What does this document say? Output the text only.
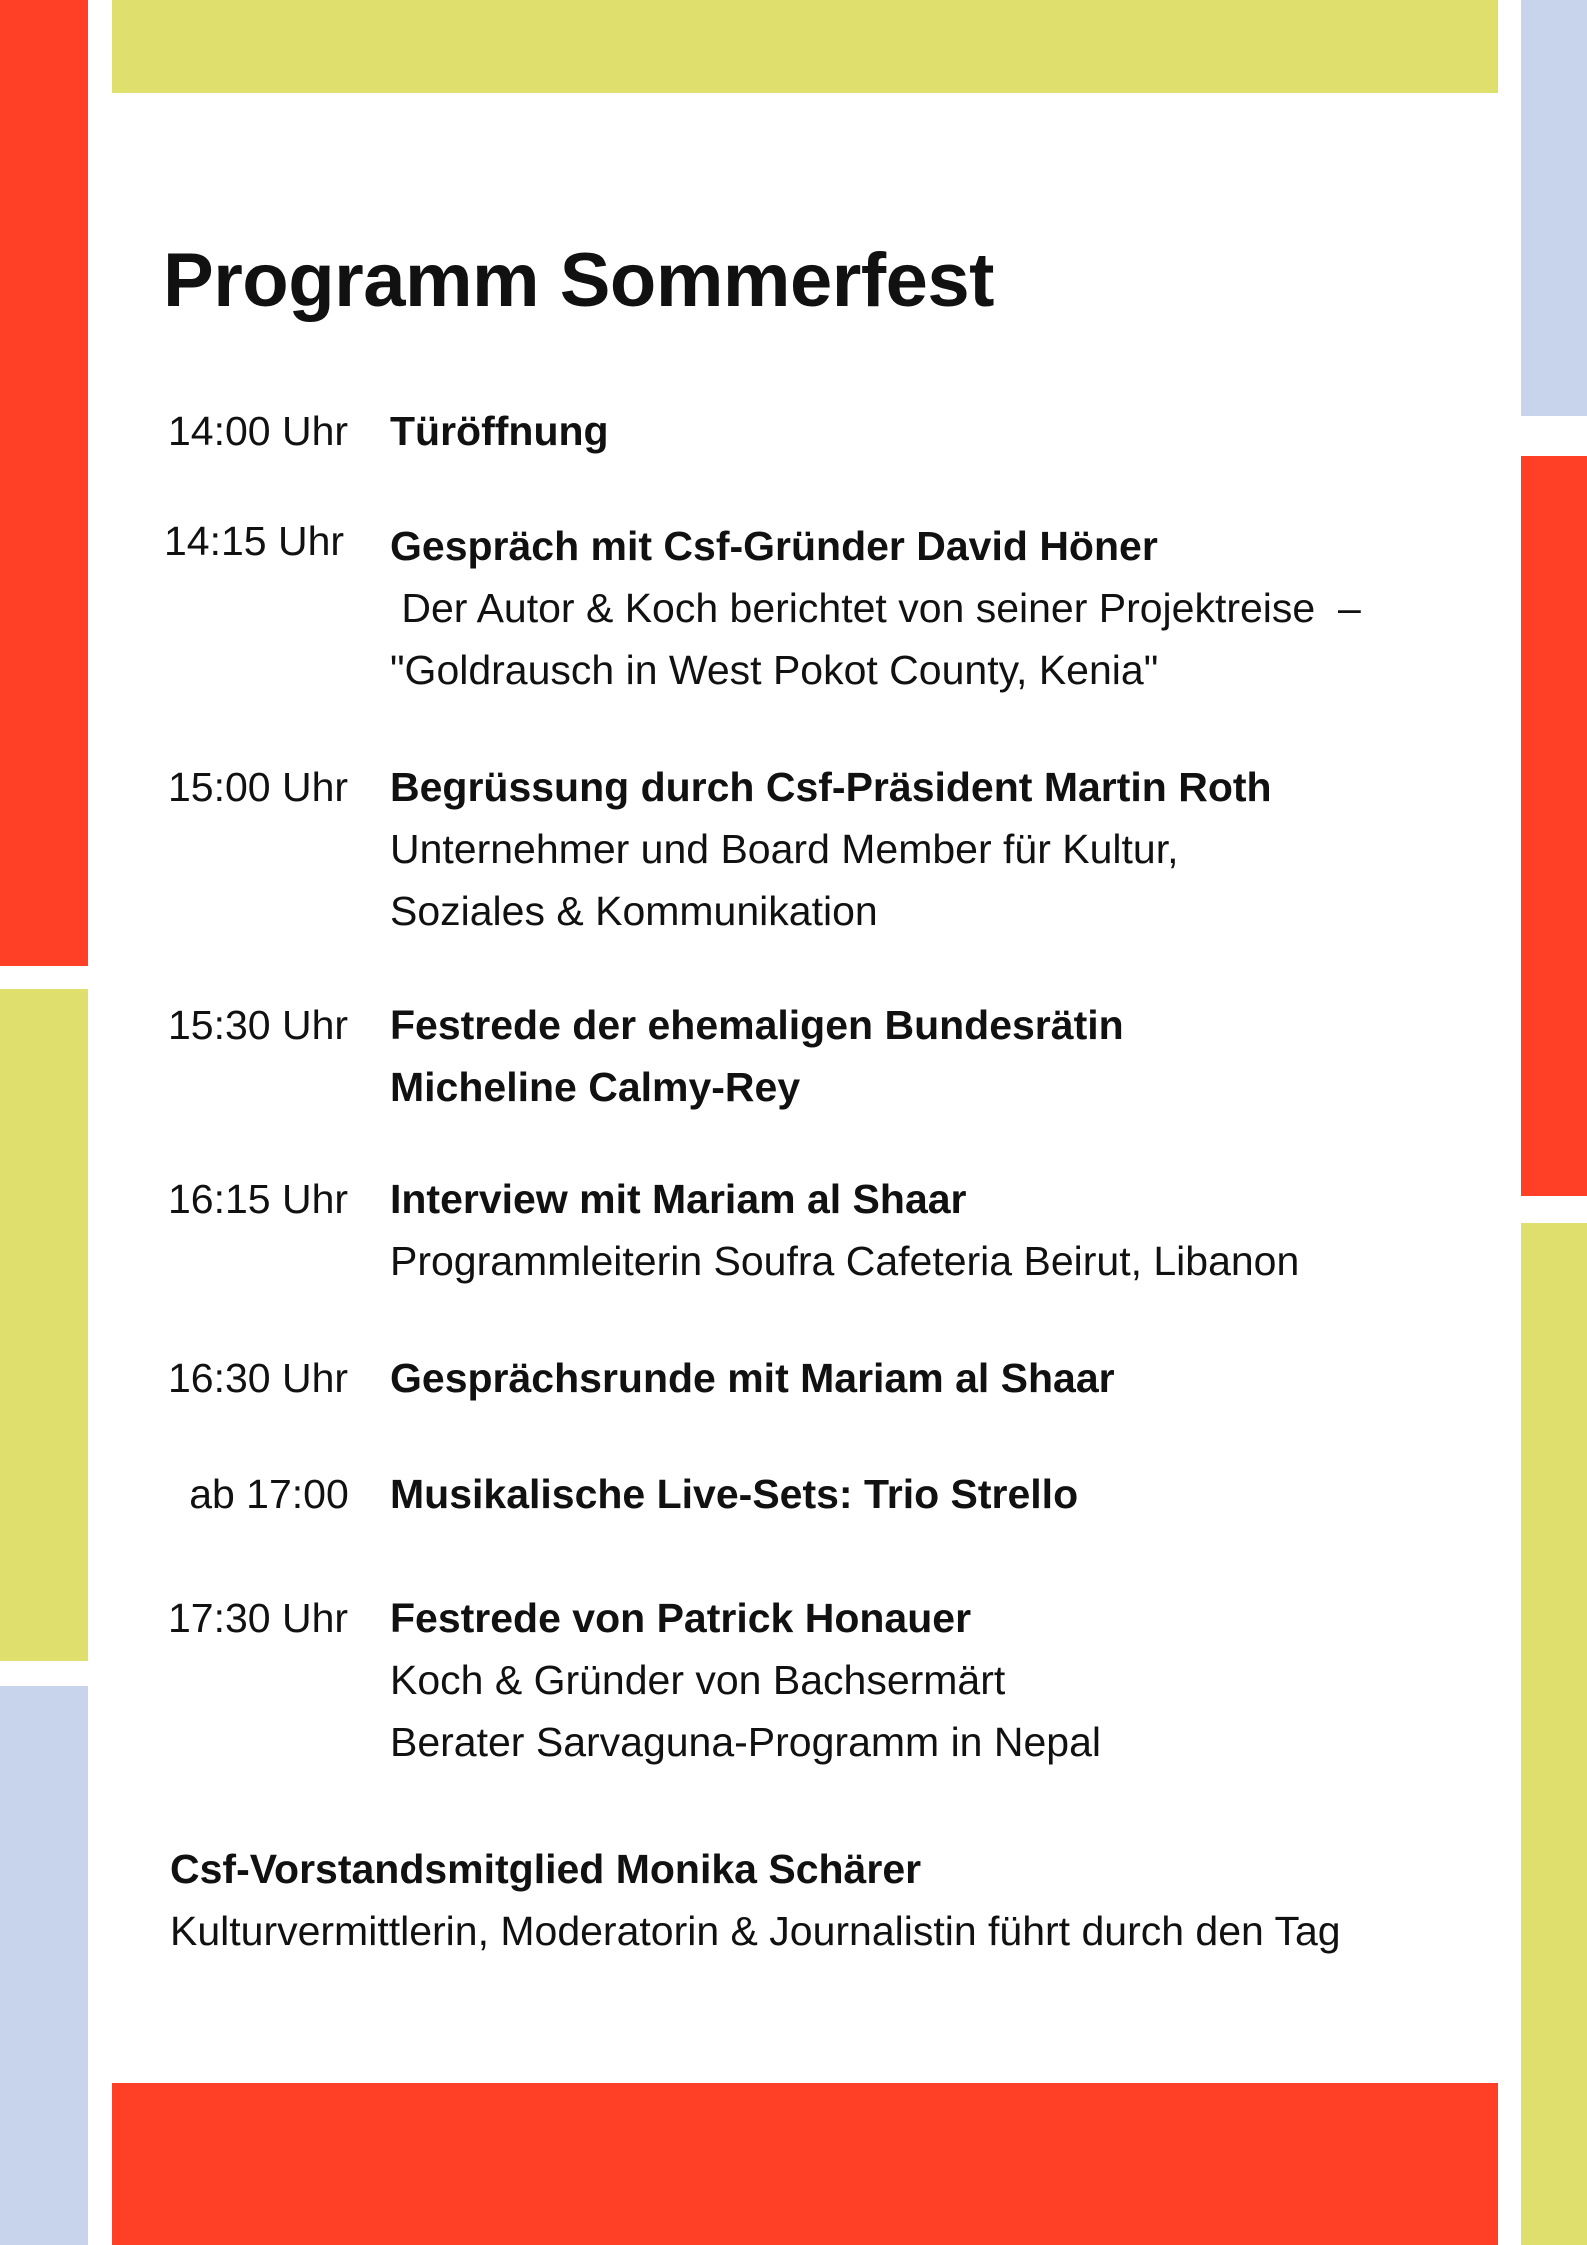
Programm Sommerfest
14:00 Uhr	Türöffnung
14:15 Uhr	Gespräch mit Csf-Gründer David Höner
Der Autor & Koch berichtet von seiner Projektreise  –
"Goldrausch in West Pokot County, Kenia"
15:00 Uhr	Begrüssung durch Csf-Präsident Martin Roth
Unternehmer und Board Member für Kultur,
Soziales & Kommunikation
15:30 Uhr	Festrede der ehemaligen Bundesrätin
Micheline Calmy-Rey
16:15 Uhr	Interview mit Mariam al Shaar
Programmleiterin Soufra Cafeteria Beirut, Libanon
16:30 Uhr	Gesprächsrunde mit Mariam al Shaar
ab 17:00	Musikalische Live-Sets: Trio Strello
17:30 Uhr	Festrede von Patrick Honauer
Koch & Gründer von Bachsermärt
Berater Sarvaguna-Programm in Nepal
Csf-Vorstandsmitglied Monika Schärer
Kulturvermittlerin, Moderatorin & Journalistin führt durch den Tag
